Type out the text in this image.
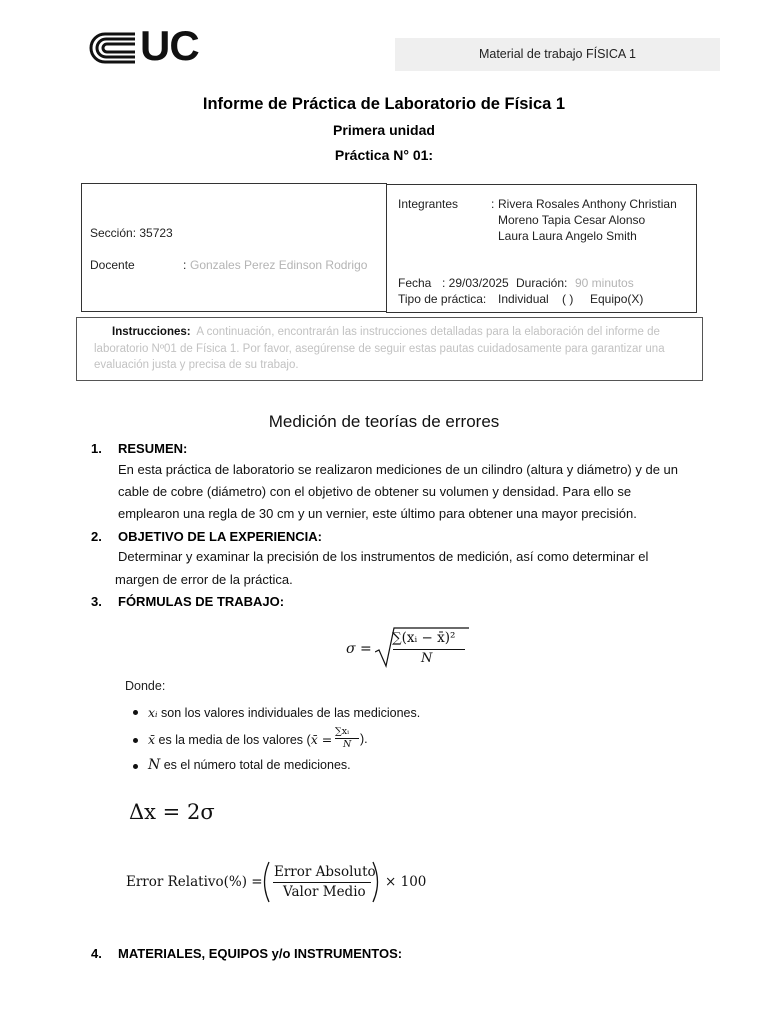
UC	Material de trabajo FÍSICA 1
Informe de Práctica de Laboratorio de Física 1
Primera unidad
Práctica N° 01:
Sección: 35723
Docente	: Gonzales Perez Edinson Rodrigo
Integrantes	: Rivera Rosales Anthony Christian
Moreno Tapia Cesar Alonso
Laura Laura Angelo Smith
Fecha : 29/03/2025 Duración: 90 minutos
Tipo de práctica: Individual ( ) Equipo(X)
Instrucciones: A continuación, encontrarán las instrucciones detalladas para la elaboración del informe de laboratorio Nº01 de Física 1. Por favor, asegúrense de seguir estas pautas cuidadosamente para garantizar una evaluación justa y precisa de su trabajo.
Medición de teorías de errores
1. RESUMEN:
En esta práctica de laboratorio se realizaron mediciones de un cilindro (altura y diámetro) y de un
cable de cobre (diámetro) con el objetivo de obtener su volumen y densidad. Para ello se
emplearon una regla de 30 cm y un vernier, este último para obtener una mayor precisión.
2. OBJETIVO DE LA EXPERIENCIA:
Determinar y examinar la precisión de los instrumentos de medición, así como determinar el
margen de error de la práctica.
3. FÓRMULAS DE TRABAJO:
σ =
∑(xᵢ − x̄)²
N
Donde:
xᵢ son los valores individuales de las mediciones.
x̄ es la media de los valores (x̄ =
∑xᵢ
N ).
N es el número total de mediciones.
Δx = 2σ
Error Relativo(%) =
Error Absoluto
Valor Medio
× 100
4. MATERIALES, EQUIPOS y/o INSTRUMENTOS:
